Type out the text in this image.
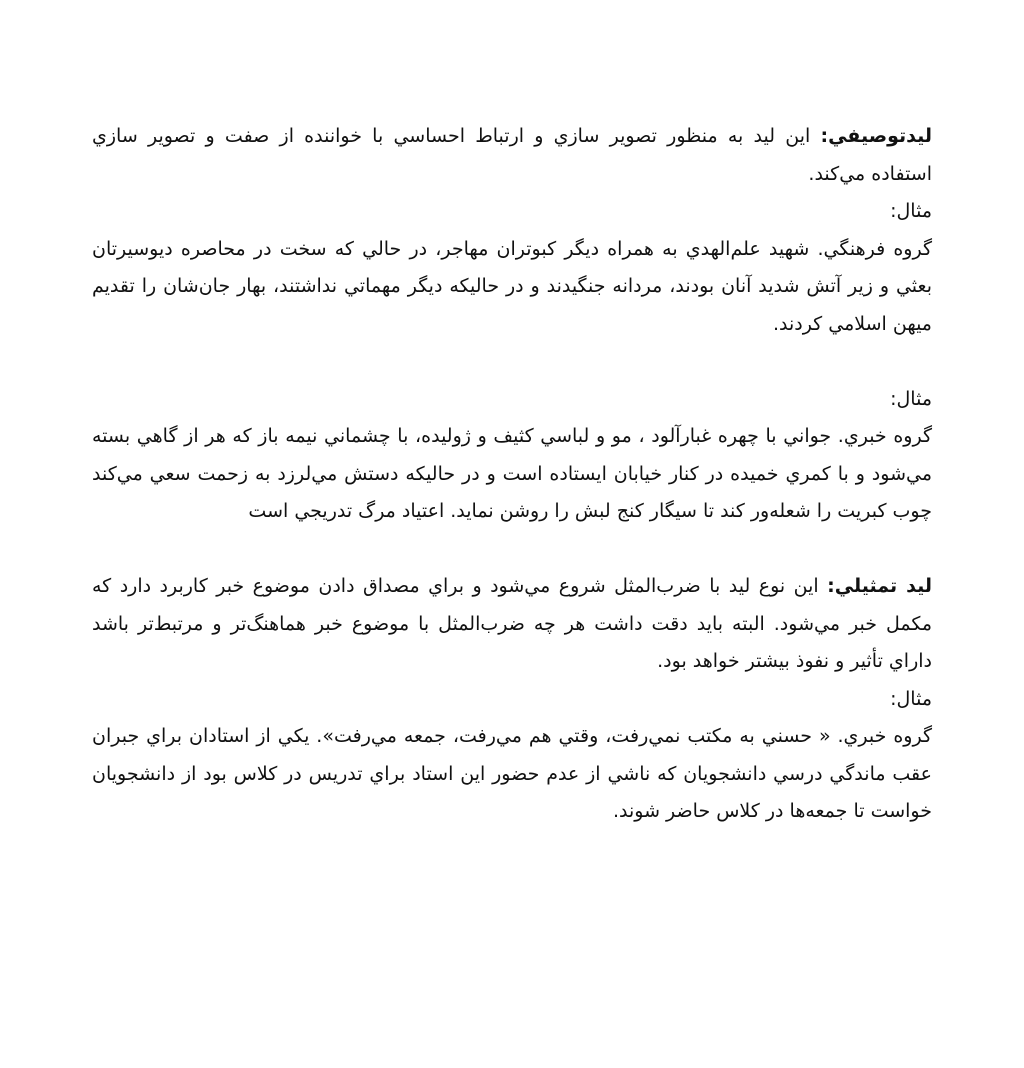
ليدتوصيفي: اين ليد به منظور تصوير سازي و ارتباط احساسي با خواننده از صفت و تصوير سازي استفاده مي‌كند.

مثال:

گروه فرهنگي. شهيد علم‌الهدي به همراه ديگر كبوتران مهاجر، در حالي كه سخت در محاصره ديوسيرتان بعثي و زير آتش شديد آنان بودند، مردانه جنگيدند و در حاليكه ديگر مهماتي نداشتند، بهار جان‌شان را تقديم ميهن اسلامي كردند.

مثال:

گروه خبري. جواني با چهره غبارآلود ، مو و لباسي كثيف و ژوليده، با چشماني نيمه باز كه هر از گاهي بسته مي‌شود و با كمري خميده در كنار خيابان ايستاده است و در حاليكه دستش مي‌لرزد به زحمت سعي مي‌كند چوب كبريت را شعله‌ور كند تا سيگار كنج لبش را روشن نمايد. اعتياد مرگ تدريجي است

ليد تمثيلي: اين نوع ليد با ضرب‌المثل شروع مي‌شود و براي مصداق دادن موضوع خبر كاربرد دارد كه مكمل خبر مي‌شود. البته بايد دقت داشت هر چه ضرب‌المثل با موضوع خبر هماهنگ‌تر و مرتبط‌تر باشد داراي تأثير و نفوذ بيشتر خواهد بود.

مثال:

گروه خبري. « حسني به مكتب نمي‌رفت، وقتي هم مي‌رفت، جمعه مي‌رفت». يكي از استادان براي جبران عقب ماندگي درسي دانشجويان كه ناشي از عدم حضور اين استاد براي تدريس در كلاس بود از دانشجويان خواست تا جمعه‌ها در كلاس حاضر شوند.
